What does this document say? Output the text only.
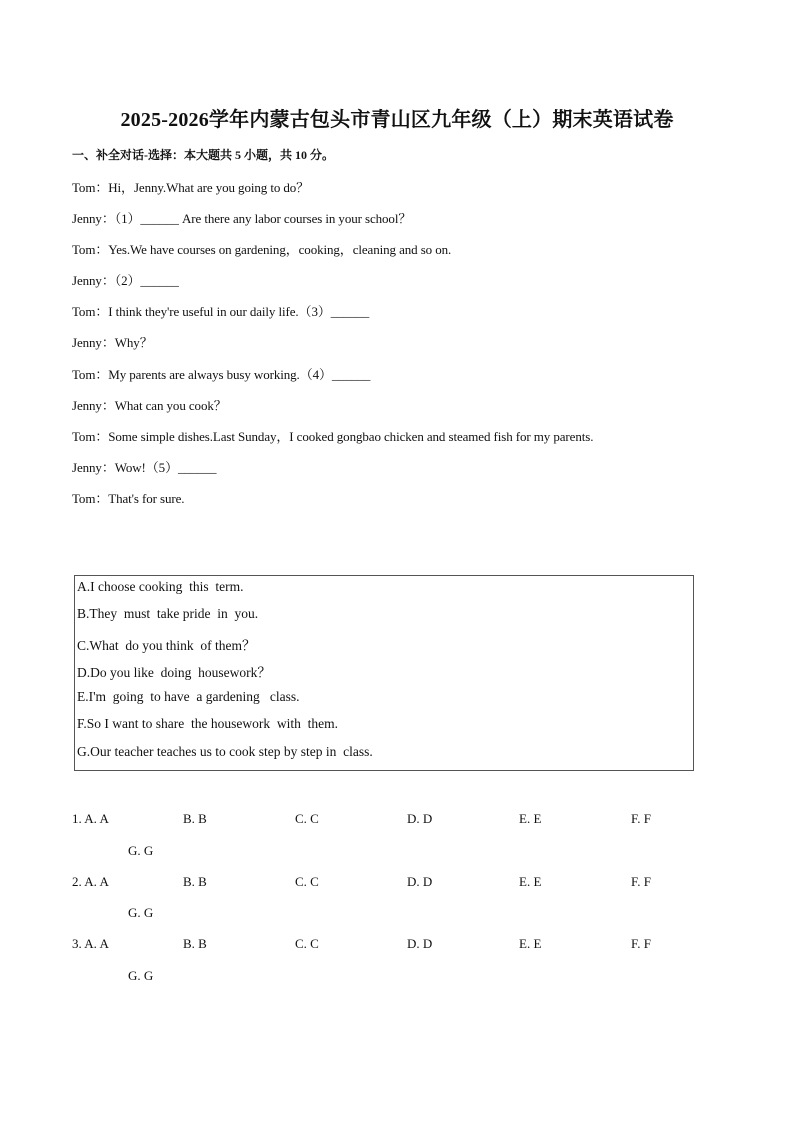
2025-2026学年内蒙古包头市青山区九年级（上）期末英语试卷
一、补全对话-选择：本大题共 5 小题，共 10 分。
Tom：Hi，Jenny.What are you going to do？
Jenny：（1）______ Are there any labor courses in your school？
Tom：Yes.We have courses on gardening，cooking，cleaning and so on.
Jenny：（2）______
Tom：I think they're useful in our daily life.（3）______
Jenny：Why？
Tom：My parents are always busy working.（4）______
Jenny：What can you cook？
Tom：Some simple dishes.Last Sunday，I cooked gongbao chicken and steamed fish for my parents.
Jenny：Wow!（5）______
Tom：That's for sure.
A.I choose cooking  this  term.
B.They  must  take pride  in  you.
C.What  do you think  of them？
D.Do you like  doing  housework？
E.I'm  going  to have  a gardening   class.
F.So I want to share  the housework  with  them.
G.Our teacher teaches us to cook step by step in  class.
1. A. A	B. B	C. C	D. D	E. E	F. F
G. G
2. A. A	B. B	C. C	D. D	E. E	F. F
G. G
3. A. A	B. B	C. C	D. D	E. E	F. F
G. G
